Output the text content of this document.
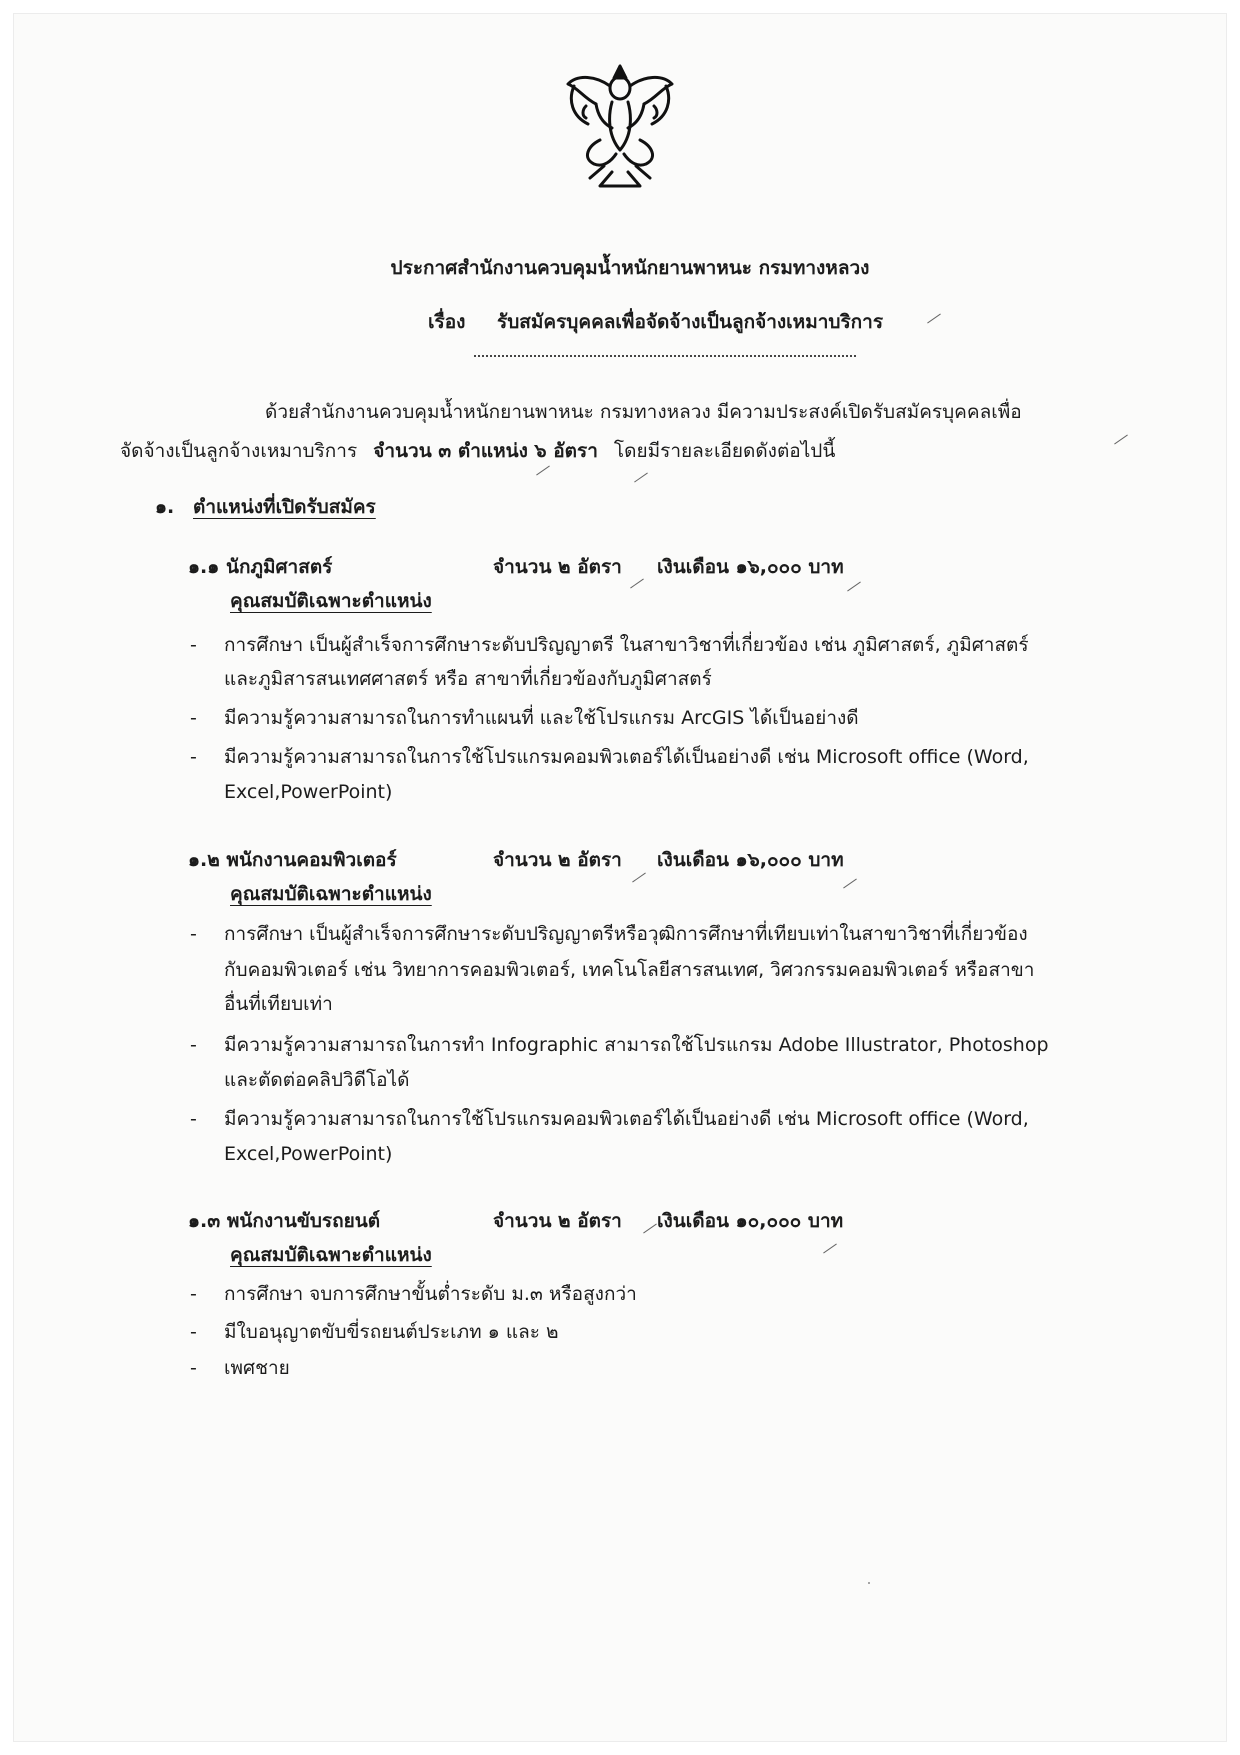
ประกาศสำนักงานควบคุมน้ำหนักยานพาหนะ กรมทางหลวง
เรื่อง รับสมัครบุคคลเพื่อจัดจ้างเป็นลูกจ้างเหมาบริการ
ด้วยสำนักงานควบคุมน้ำหนักยานพาหนะ กรมทางหลวง มีความประสงค์เปิดรับสมัครบุคคลเพื่อ
จัดจ้างเป็นลูกจ้างเหมาบริการ จำนวน ๓ ตำแหน่ง ๖ อัตรา โดยมีรายละเอียดดังต่อไปนี้
๑. ตำแหน่งที่เปิดรับสมัคร
๑.๑ นักภูมิศาสตร์	จำนวน ๒ อัตรา เงินเดือน ๑๖,๐๐๐ บาท
คุณสมบัติเฉพาะตำแหน่ง
- การศึกษา เป็นผู้สำเร็จการศึกษาระดับปริญญาตรี ในสาขาวิชาที่เกี่ยวข้อง เช่น ภูมิศาสตร์, ภูมิศาสตร์
และภูมิสารสนเทศศาสตร์ หรือ สาขาที่เกี่ยวข้องกับภูมิศาสตร์
- มีความรู้ความสามารถในการทำแผนที่ และใช้โปรแกรม ArcGIS ได้เป็นอย่างดี
- มีความรู้ความสามารถในการใช้โปรแกรมคอมพิวเตอร์ได้เป็นอย่างดี เช่น Microsoft office (Word,
Excel,PowerPoint)
๑.๒ พนักงานคอมพิวเตอร์	จำนวน ๒ อัตรา เงินเดือน ๑๖,๐๐๐ บาท
คุณสมบัติเฉพาะตำแหน่ง
- การศึกษา เป็นผู้สำเร็จการศึกษาระดับปริญญาตรีหรือวุฒิการศึกษาที่เทียบเท่าในสาขาวิชาที่เกี่ยวข้อง
กับคอมพิวเตอร์ เช่น วิทยาการคอมพิวเตอร์, เทคโนโลยีสารสนเทศ, วิศวกรรมคอมพิวเตอร์ หรือสาขา
อื่นที่เทียบเท่า
- มีความรู้ความสามารถในการทำ Infographic สามารถใช้โปรแกรม Adobe Illustrator, Photoshop
และตัดต่อคลิปวิดีโอได้
- มีความรู้ความสามารถในการใช้โปรแกรมคอมพิวเตอร์ได้เป็นอย่างดี เช่น Microsoft office (Word,
Excel,PowerPoint)
๑.๓ พนักงานขับรถยนต์	จำนวน ๒ อัตรา เงินเดือน ๑๐,๐๐๐ บาท
คุณสมบัติเฉพาะตำแหน่ง
- การศึกษา จบการศึกษาขั้นต่ำระดับ ม.๓ หรือสูงกว่า
- มีใบอนุญาตขับขี่รถยนต์ประเภท ๑ และ ๒
- เพศชาย
